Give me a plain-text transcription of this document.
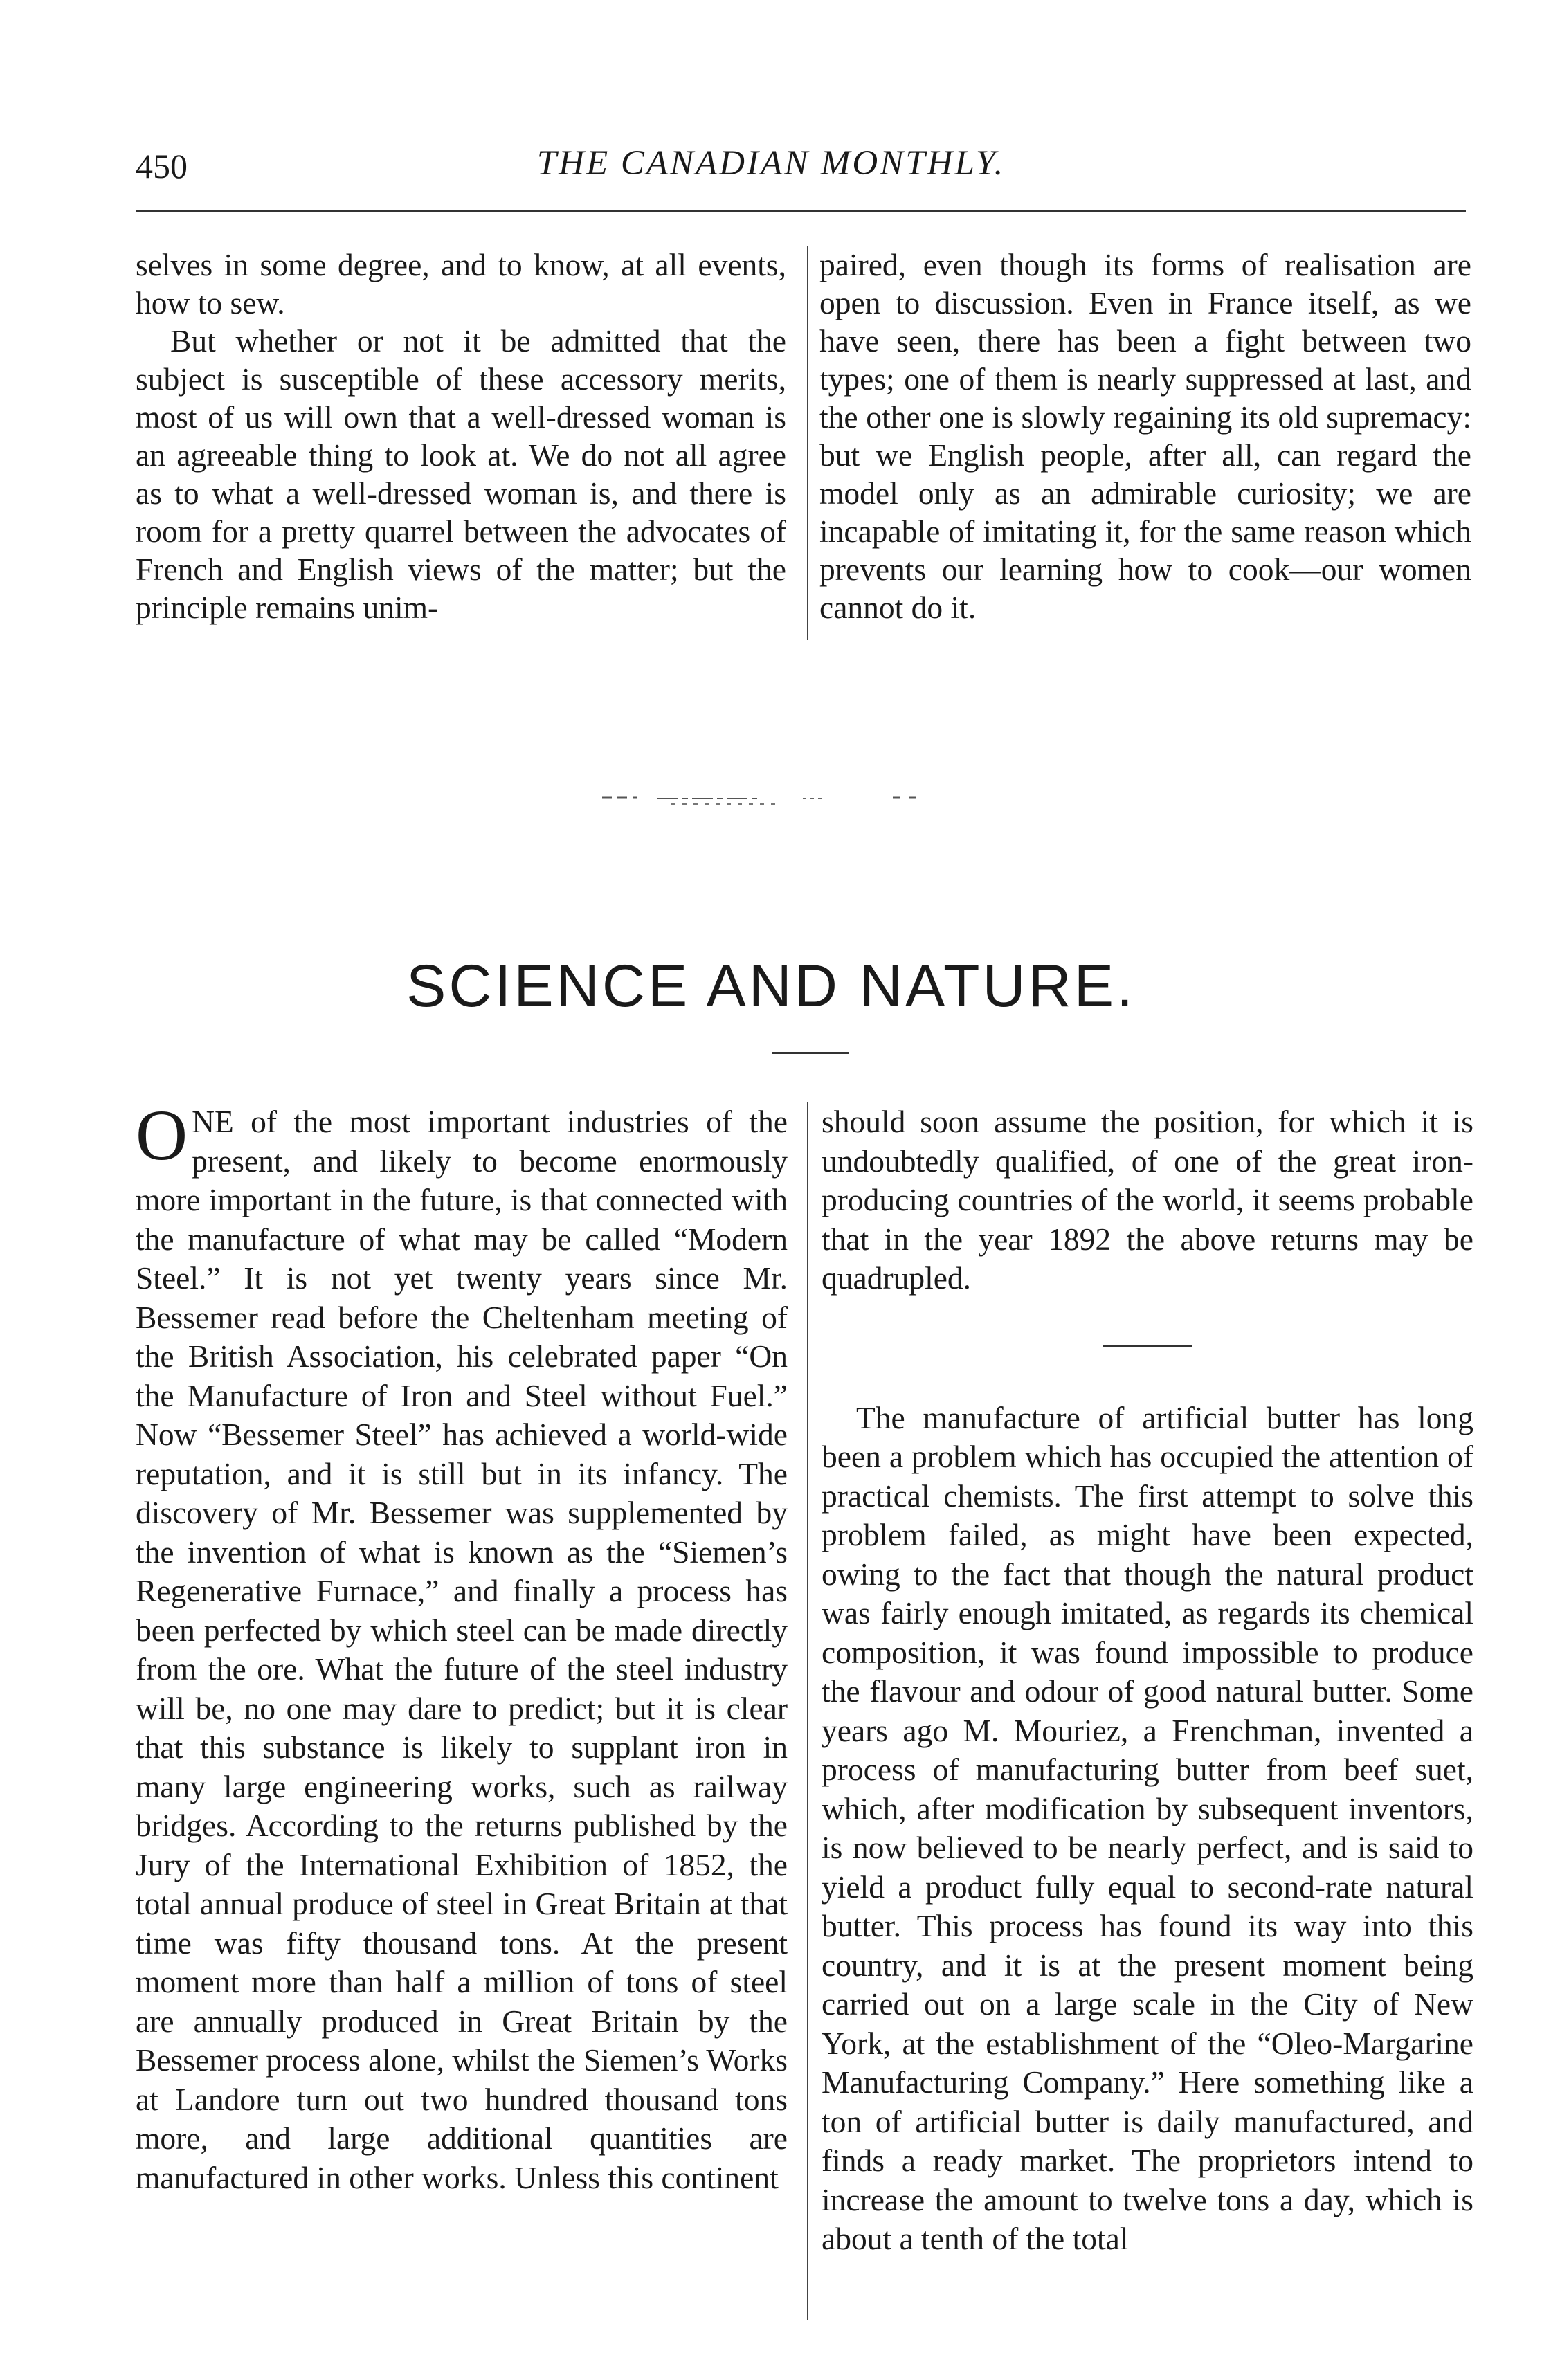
450	THE CANADIAN MONTHLY.

selves in some degree, and to know, at all events, how to sew.

But whether or not it be admitted that the subject is susceptible of these accessory merits, most of us will own that a well-dressed woman is an agreeable thing to look at. We do not all agree as to what a well-dressed woman is, and there is room for a pretty quarrel between the advocates of French and English views of the matter; but the principle remains unim-

paired, even though its forms of realisation are open to discussion. Even in France itself, as we have seen, there has been a fight between two types; one of them is nearly suppressed at last, and the other one is slowly regaining its old supremacy: but we English people, after all, can regard the model only as an admirable curiosity; we are incapable of imitating it, for the same reason which prevents our learning how to cook—our women cannot do it.

SCIENCE AND NATURE.

ONE of the most important industries of the present, and likely to become enormously more important in the future, is that connected with the manufacture of what may be called “Modern Steel.” It is not yet twenty years since Mr. Bessemer read before the Cheltenham meeting of the British Association, his celebrated paper “On the Manufacture of Iron and Steel without Fuel.” Now “Bessemer Steel” has achieved a world-wide reputation, and it is still but in its infancy. The discovery of Mr. Bessemer was supplemented by the invention of what is known as the “Siemen’s Regenerative Furnace,” and finally a process has been perfected by which steel can be made directly from the ore. What the future of the steel industry will be, no one may dare to predict; but it is clear that this substance is likely to supplant iron in many large engineering works, such as railway bridges. According to the returns published by the Jury of the International Exhibition of 1852, the total annual produce of steel in Great Britain at that time was fifty thousand tons. At the present moment more than half a million of tons of steel are annually produced in Great Britain by the Bessemer process alone, whilst the Siemen’s Works at Landore turn out two hundred thousand tons more, and large additional quantities are manufactured in other works. Unless this continent

should soon assume the position, for which it is undoubtedly qualified, of one of the great iron-producing countries of the world, it seems probable that in the year 1892 the above returns may be quadrupled.

The manufacture of artificial butter has long been a problem which has occupied the attention of practical chemists. The first attempt to solve this problem failed, as might have been expected, owing to the fact that though the natural product was fairly enough imitated, as regards its chemical composition, it was found impossible to produce the flavour and odour of good natural butter. Some years ago M. Mouriez, a Frenchman, invented a process of manufacturing butter from beef suet, which, after modification by subsequent inventors, is now believed to be nearly perfect, and is said to yield a product fully equal to second-rate natural butter. This process has found its way into this country, and it is at the present moment being carried out on a large scale in the City of New York, at the establishment of the “Oleo-Margarine Manufacturing Company.” Here something like a ton of artificial butter is daily manufactured, and finds a ready market. The proprietors intend to increase the amount to twelve tons a day, which is about a tenth of the total
